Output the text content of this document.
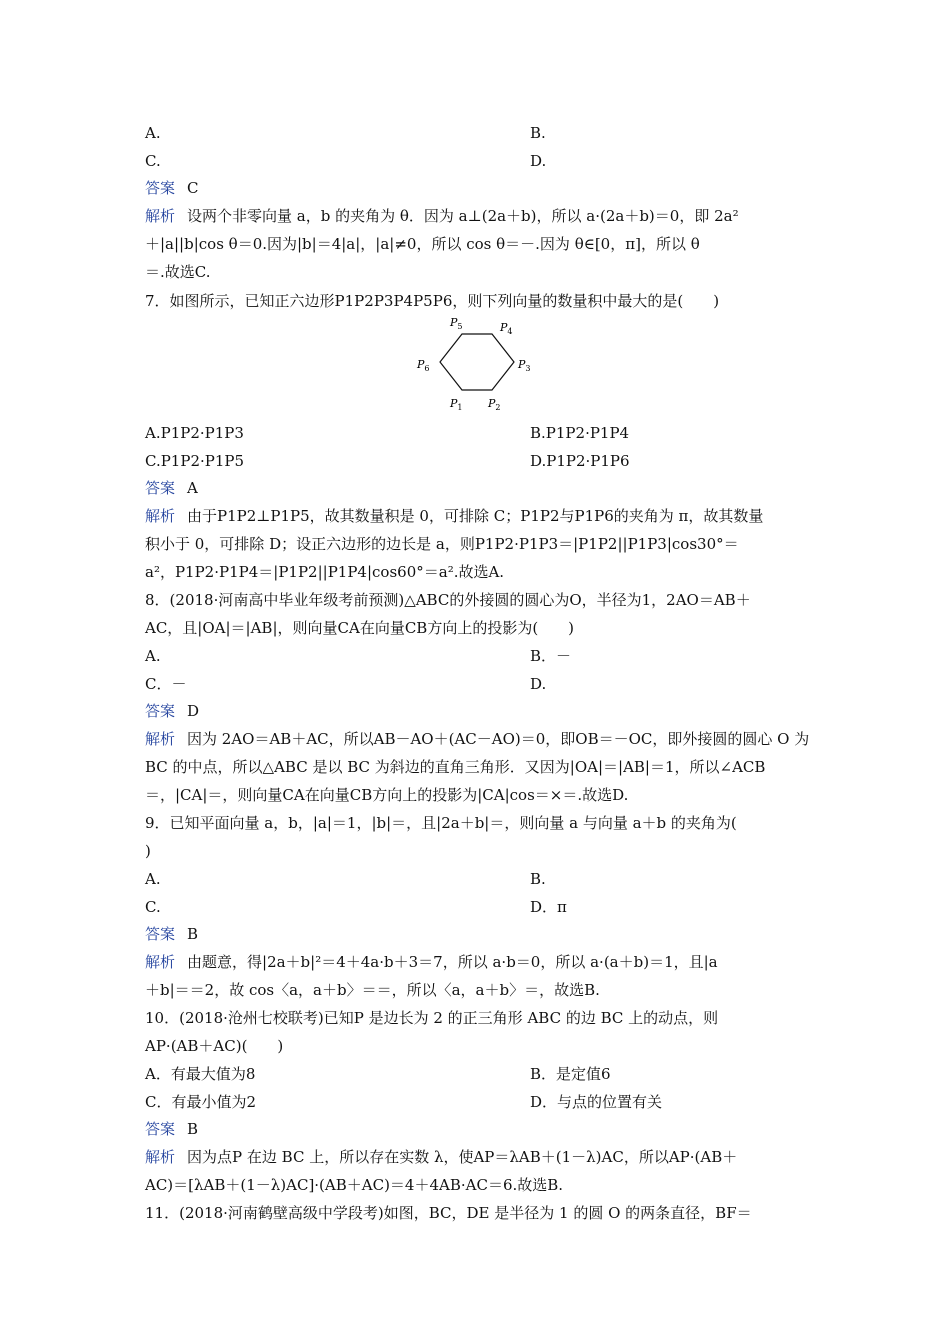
$P_1$ $P_2$
$P_3$
$P_4$
$P_5$
$P_6$
A.	B.
C.	D.
答案 C
解析 设两个非零向量 a，b 的夹角为 θ．因为 a⊥(2a＋b)，所以 a·(2a＋b)＝0，即 2a²
＋|a||b|cos θ＝0.因为|b|＝4|a|，|a|≠0，所以 cos θ＝－.因为 θ∈[0，π]，所以 θ
＝.故选C.
7．如图所示，已知正六边形P1P2P3P4P5P6，则下列向量的数量积中最大的是(　　)
A.P1P2·P1P3	B.P1P2·P1P4
C.P1P2·P1P5	D.P1P2·P1P6
答案 A
解析 由于P1P2⊥P1P5，故其数量积是 0，可排除 C；P1P2与P1P6的夹角为 π，故其数量
积小于 0，可排除 D；设正六边形的边长是 a，则P1P2·P1P3＝|P1P2||P1P3|cos30°＝
a²，P1P2·P1P4＝|P1P2||P1P4|cos60°＝a².故选A.
8．(2018·河南高中毕业年级考前预测)△ABC的外接圆的圆心为O，半径为1，2AO＝AB＋
AC，且|OA|＝|AB|，则向量CA在向量CB方向上的投影为(　　)
A.	B．－
C．－	D.
答案 D
解析 因为 2AO＝AB＋AC，所以AB－AO＋(AC－AO)＝0，即OB＝－OC，即外接圆的圆心 O 为
BC 的中点，所以△ABC 是以 BC 为斜边的直角三角形．又因为|OA|＝|AB|＝1，所以∠ACB
＝，|CA|＝，则向量CA在向量CB方向上的投影为|CA|cos＝×＝.故选D.
9．已知平面向量 a，b，|a|＝1，|b|＝，且|2a＋b|＝，则向量 a 与向量 a＋b 的夹角为(
)
A.	B.
C.	D．π
答案 B
解析 由题意，得|2a＋b|²＝4＋4a·b＋3＝7，所以 a·b＝0，所以 a·(a＋b)＝1，且|a
＋b|＝＝2，故 cos〈a，a＋b〉＝＝，所以〈a，a＋b〉＝，故选B.
10．(2018·沧州七校联考)已知P 是边长为 2 的正三角形 ABC 的边 BC 上的动点，则
AP·(AB＋AC)(　　)
A．有最大值为8	B．是定值6
C．有最小值为2	D．与点的位置有关
答案 B
解析 因为点P 在边 BC 上，所以存在实数 λ，使AP＝λAB＋(1－λ)AC，所以AP·(AB＋
AC)＝[λAB＋(1－λ)AC]·(AB＋AC)＝4＋4AB·AC＝6.故选B.
11．(2018·河南鹤壁高级中学段考)如图，BC，DE 是半径为 1 的圆 O 的两条直径，BF＝
